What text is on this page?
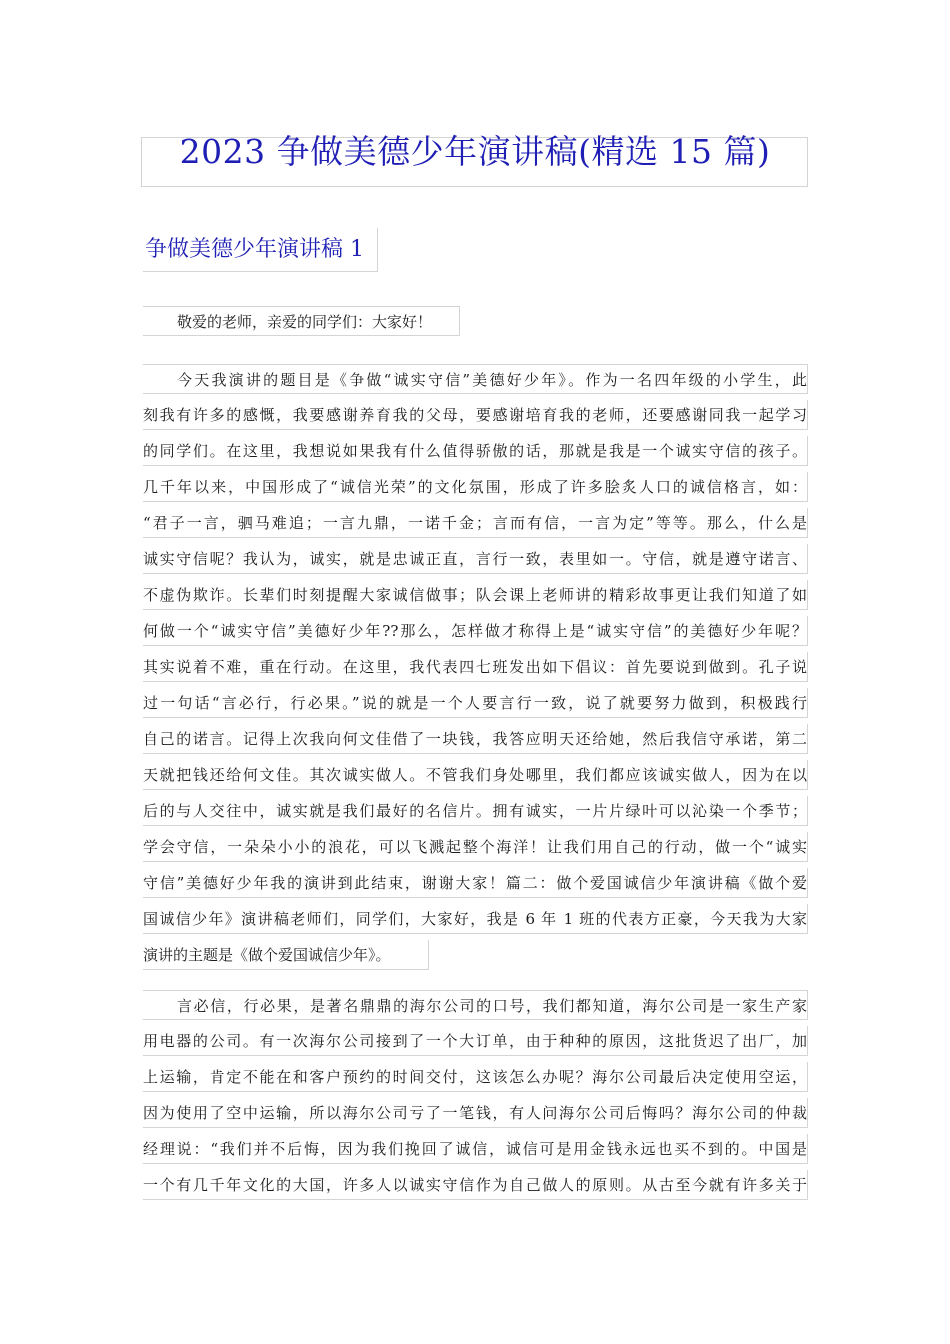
2023 争做美德少年演讲稿(精选 15 篇)
争做美德少年演讲稿 1
敬爱的老师，亲爱的同学们：大家好！
今天我演讲的题目是《争做“诚实守信”美德好少年》。作为一名四年级的小学生，此
刻我有许多的感慨，我要感谢养育我的父母，要感谢培育我的老师，还要感谢同我一起学习
的同学们。在这里，我想说如果我有什么值得骄傲的话，那就是我是一个诚实守信的孩子。
几千年以来，中国形成了“诚信光荣”的文化氛围，形成了许多脍炙人口的诚信格言，如：
“君子一言，驷马难追；一言九鼎，一诺千金；言而有信，一言为定”等等。那么，什么是
诚实守信呢？我认为，诚实，就是忠诚正直，言行一致，表里如一。守信，就是遵守诺言、
不虚伪欺诈。长辈们时刻提醒大家诚信做事；队会课上老师讲的精彩故事更让我们知道了如
何做一个“诚实守信”美德好少年??那么，怎样做才称得上是“诚实守信”的美德好少年呢？
其实说着不难，重在行动。在这里，我代表四七班发出如下倡议：首先要说到做到。孔子说
过一句话“言必行，行必果。”说的就是一个人要言行一致，说了就要努力做到，积极践行
自己的诺言。记得上次我向何文佳借了一块钱，我答应明天还给她，然后我信守承诺，第二
天就把钱还给何文佳。其次诚实做人。不管我们身处哪里，我们都应该诚实做人，因为在以
后的与人交往中，诚实就是我们最好的名信片。拥有诚实，一片片绿叶可以沁染一个季节；
学会守信，一朵朵小小的浪花，可以飞溅起整个海洋！让我们用自己的行动，做一个“诚实
守信”美德好少年我的演讲到此结束，谢谢大家！篇二：做个爱国诚信少年演讲稿《做个爱
国诚信少年》演讲稿老师们，同学们，大家好，我是 6 年 1 班的代表方正豪，今天我为大家
演讲的主题是《做个爱国诚信少年》。
言必信，行必果，是著名鼎鼎的海尔公司的口号，我们都知道，海尔公司是一家生产家
用电器的公司。有一次海尔公司接到了一个大订单，由于种种的原因，这批货迟了出厂，加
上运输，肯定不能在和客户预约的时间交付，这该怎么办呢？海尔公司最后决定使用空运，
因为使用了空中运输，所以海尔公司亏了一笔钱，有人问海尔公司后悔吗？海尔公司的仲裁
经理说：“我们并不后悔，因为我们挽回了诚信，诚信可是用金钱永远也买不到的。中国是
一个有几千年文化的大国，许多人以诚实守信作为自己做人的原则。从古至今就有许多关于
